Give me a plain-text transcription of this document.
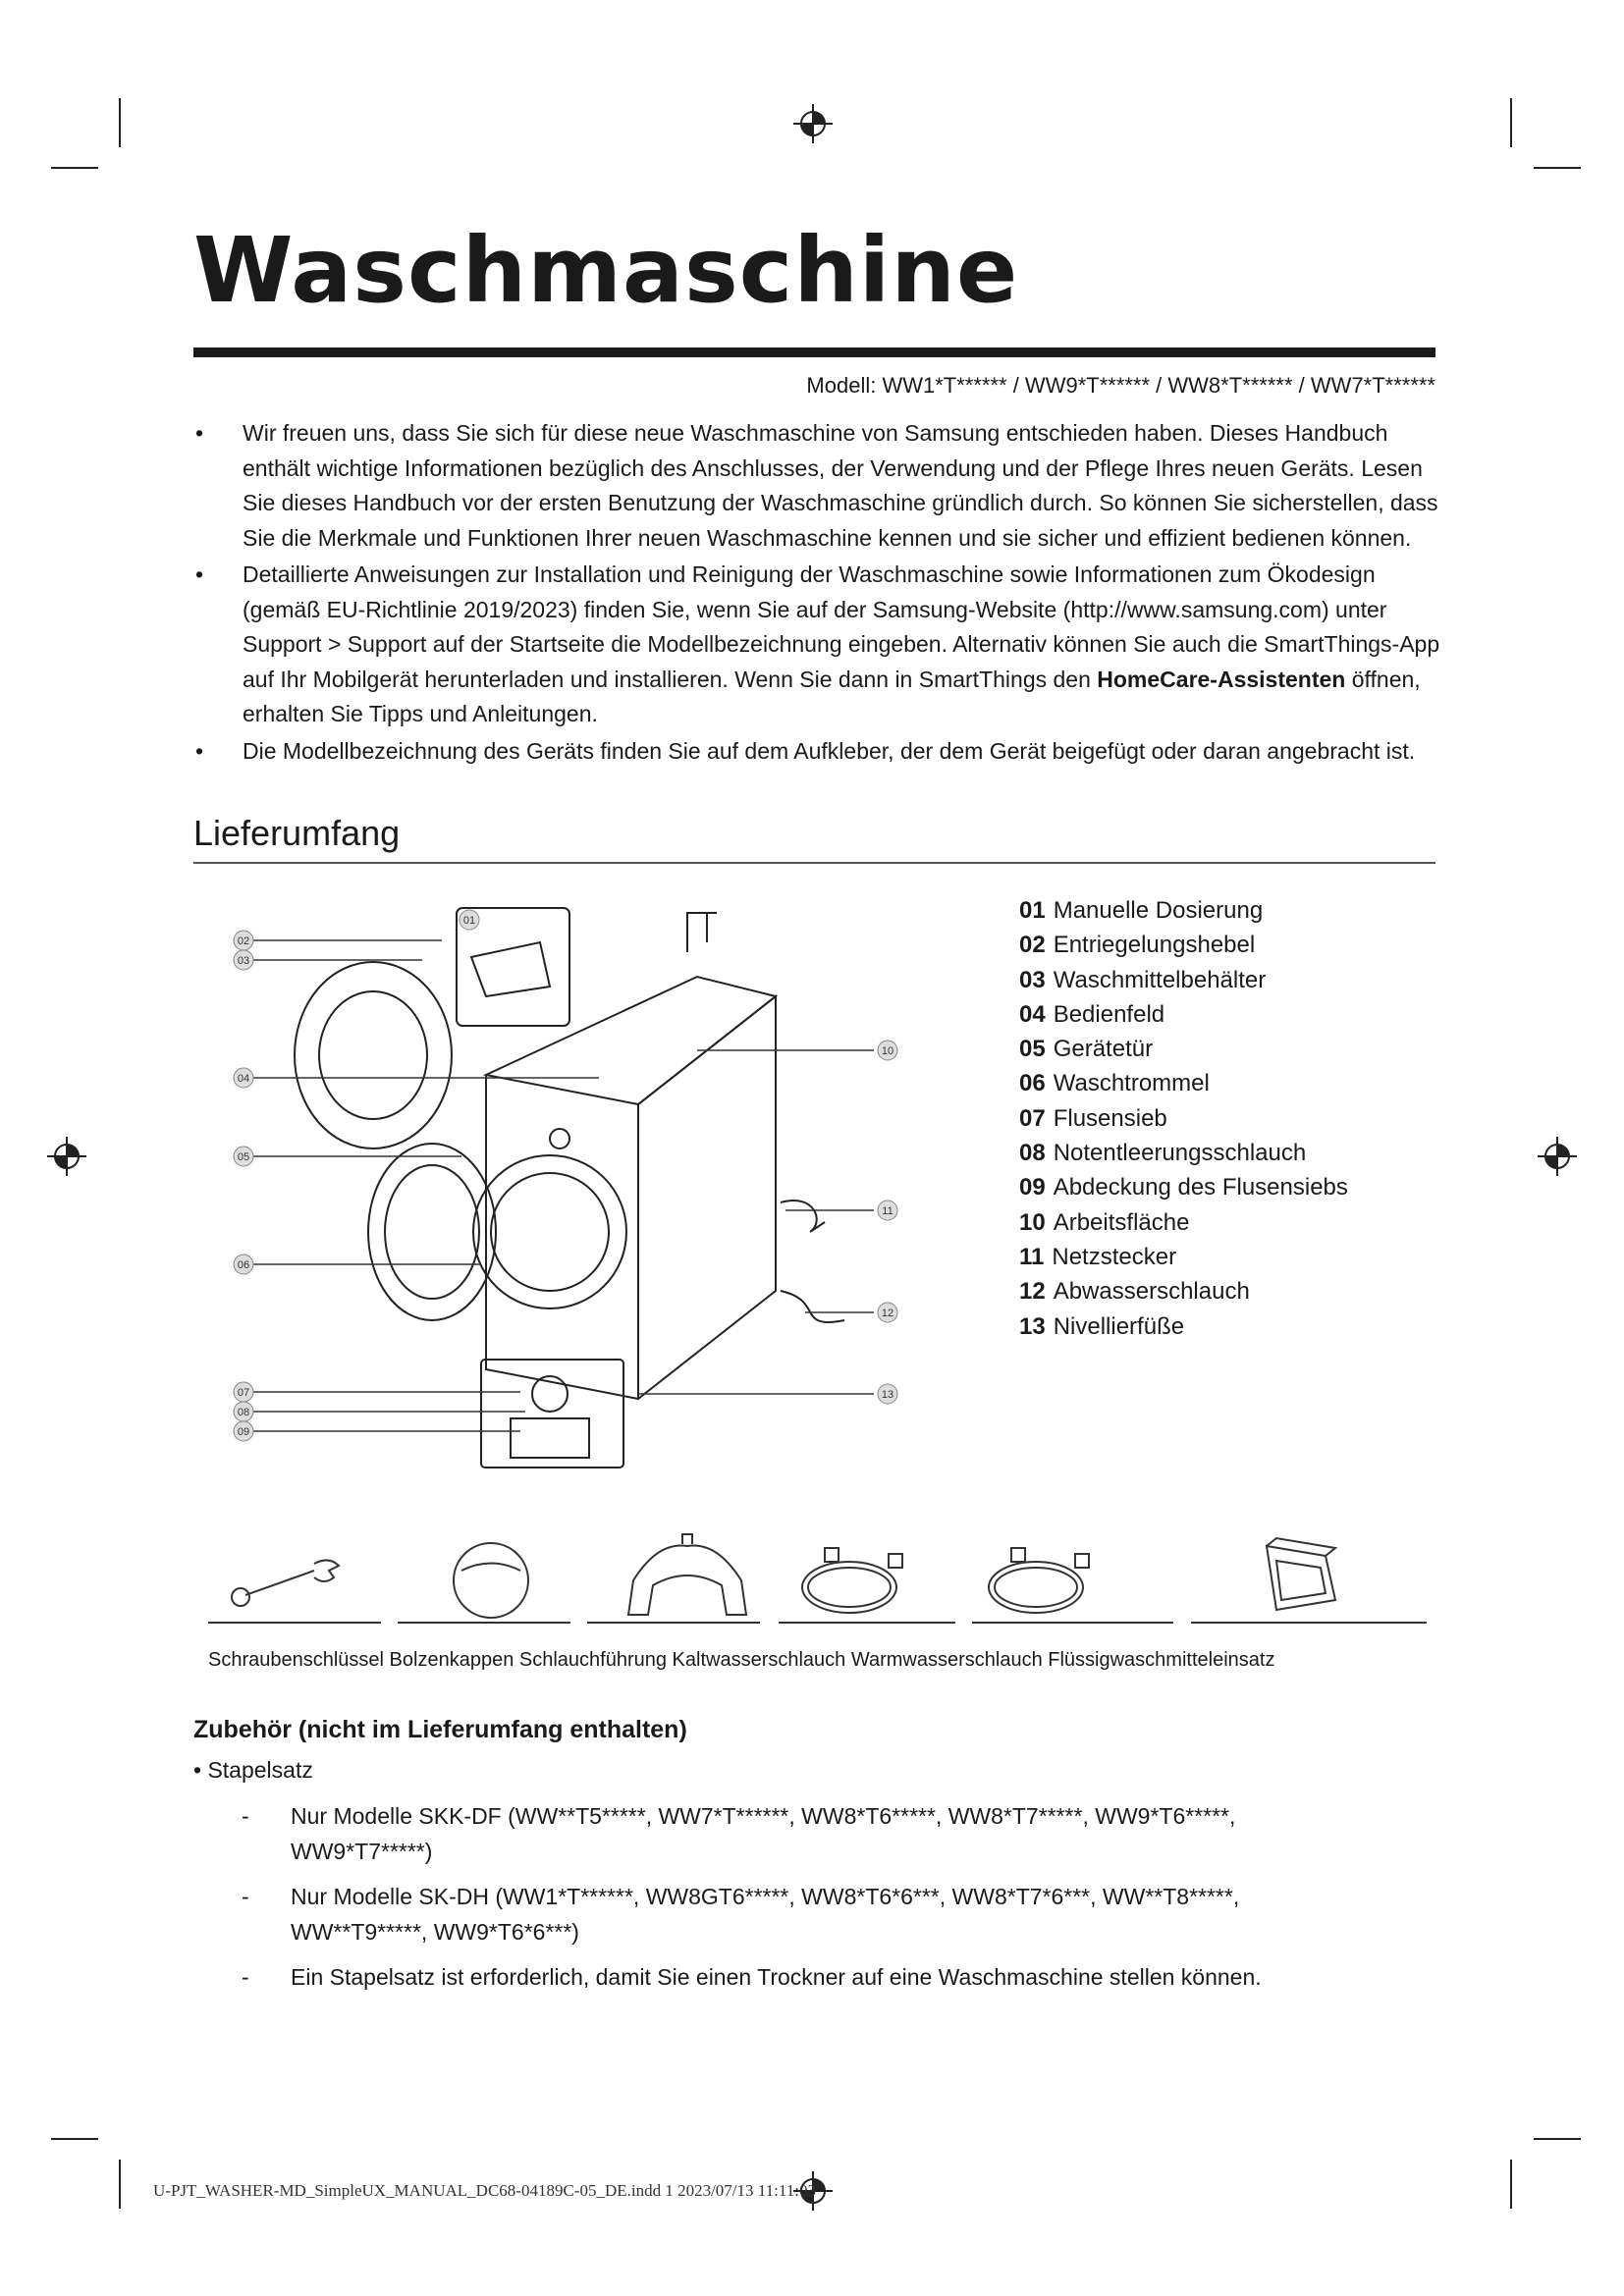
Waschmaschine
Modell: WW1*T****** / WW9*T****** / WW8*T****** / WW7*T******
• Wir freuen uns, dass Sie sich für diese neue Waschmaschine von Samsung entschieden haben. Dieses Handbuch enthält wichtige Informationen bezüglich des Anschlusses, der Verwendung und der Pflege Ihres neuen Geräts. Lesen Sie dieses Handbuch vor der ersten Benutzung der Waschmaschine gründlich durch. So können Sie sicherstellen, dass Sie die Merkmale und Funktionen Ihrer neuen Waschmaschine kennen und sie sicher und effizient bedienen können.
• Detaillierte Anweisungen zur Installation und Reinigung der Waschmaschine sowie Informationen zum Ökodesign (gemäß EU-Richtlinie 2019/2023) finden Sie, wenn Sie auf der Samsung-Website (http://www.samsung.com) unter Support > Support auf der Startseite die Modellbezeichnung eingeben. Alternativ können Sie auch die SmartThings-App auf Ihr Mobilgerät herunterladen und installieren. Wenn Sie dann in SmartThings den HomeCare-Assistenten öffnen, erhalten Sie Tipps und Anleitungen.
• Die Modellbezeichnung des Geräts finden Sie auf dem Aufkleber, der dem Gerät beigefügt oder daran angebracht ist.
Lieferumfang
02
03
01
04
05
06
07
08
09
10
11
12
13
01 Manuelle Dosierung
02 Entriegelungshebel
03 Waschmittelbehälter
04 Bedienfeld
05 Gerätetür
06 Waschtrommel
07 Flusensieb
08 Notentleerungsschlauch
09 Abdeckung des Flusensiebs
10 Arbeitsfläche
11 Netzstecker
12 Abwasserschlauch
13 Nivellierfüße
Schraubenschlüssel Bolzenkappen Schlauchführung Kaltwasserschlauch Warmwasserschlauch Flüssigwaschmitteleinsatz
Zubehör (nicht im Lieferumfang enthalten)
• Stapelsatz
- Nur Modelle SKK-DF (WW**T5*****, WW7*T******, WW8*T6*****, WW8*T7*****, WW9*T6*****, WW9*T7*****)
- Nur Modelle SK-DH (WW1*T******, WW8GT6*****, WW8*T6*6***, WW8*T7*6***, WW**T8*****, WW**T9*****, WW9*T6*6***)
- Ein Stapelsatz ist erforderlich, damit Sie einen Trockner auf eine Waschmaschine stellen können.
U-PJT_WASHER-MD_SimpleUX_MANUAL_DC68-04189C-05_DE.indd 1 2023/07/13 11:11:03
